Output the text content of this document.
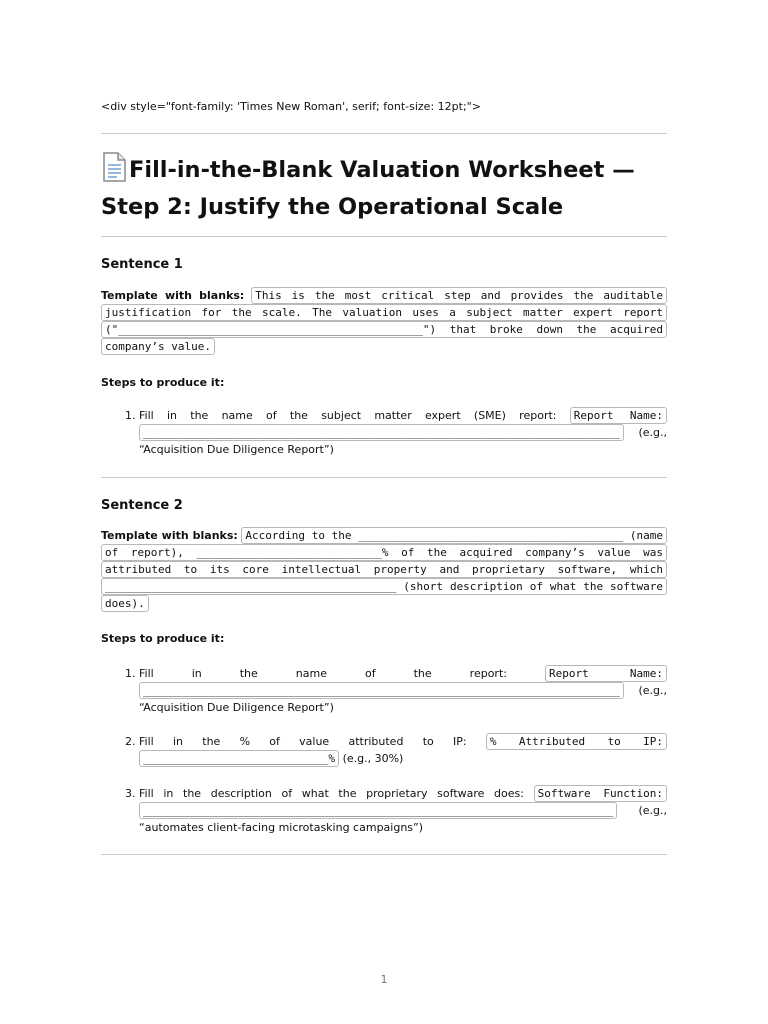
<div style="font-family: 'Times New Roman', serif; font-size: 12pt;">
Fill-in-the-Blank Valuation Worksheet — Step 2: Justify the Operational Scale
Sentence 1

Template with blanks: This is the most critical step and provides the auditable justification for the scale. The valuation uses a subject matter expert report ("______________________________________________") that broke down the acquired company’s value.

Steps to produce it:

1. Fill in the name of the subject matter expert (SME) report: Report Name: ________________________________________________________________________ (e.g., “Acquisition Due Diligence Report”)

Sentence 2

Template with blanks: According to the ________________________________________ (name of report), ____________________________% of the acquired company’s value was attributed to its core intellectual property and proprietary software, which ____________________________________________ (short description of what the software does).

Steps to produce it:

1. Fill in the name of the report:	Report Name: ________________________________________________________________________ (e.g., “Acquisition Due Diligence Report”)

2. Fill in the % of value attributed to IP: % Attributed to IP: ____________________________% (e.g., 30%)

3. Fill in the description of what the proprietary software does: Software Function: _______________________________________________________________________ (e.g., “automates client-facing microtasking campaigns”)

1
